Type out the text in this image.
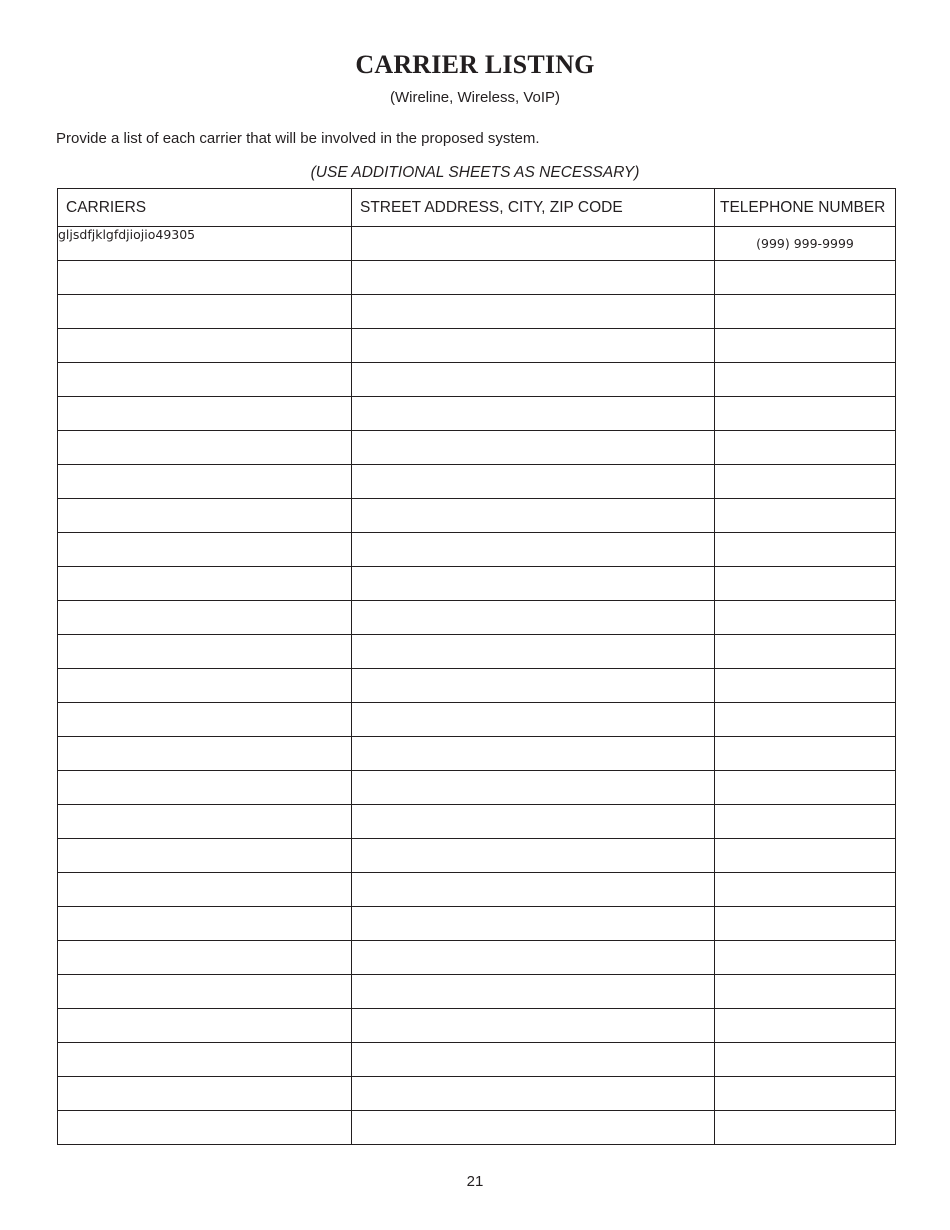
CARRIER LISTING
(Wireline, Wireless, VoIP)
Provide a list of each carrier that will be involved in the proposed system.
(USE ADDITIONAL SHEETS AS NECESSARY)
CARRIERS	STREET ADDRESS, CITY, ZIP CODE	TELEPHONE NUMBER
gljsdfjklgfdjiojio49305		(999) 999-9999

21
